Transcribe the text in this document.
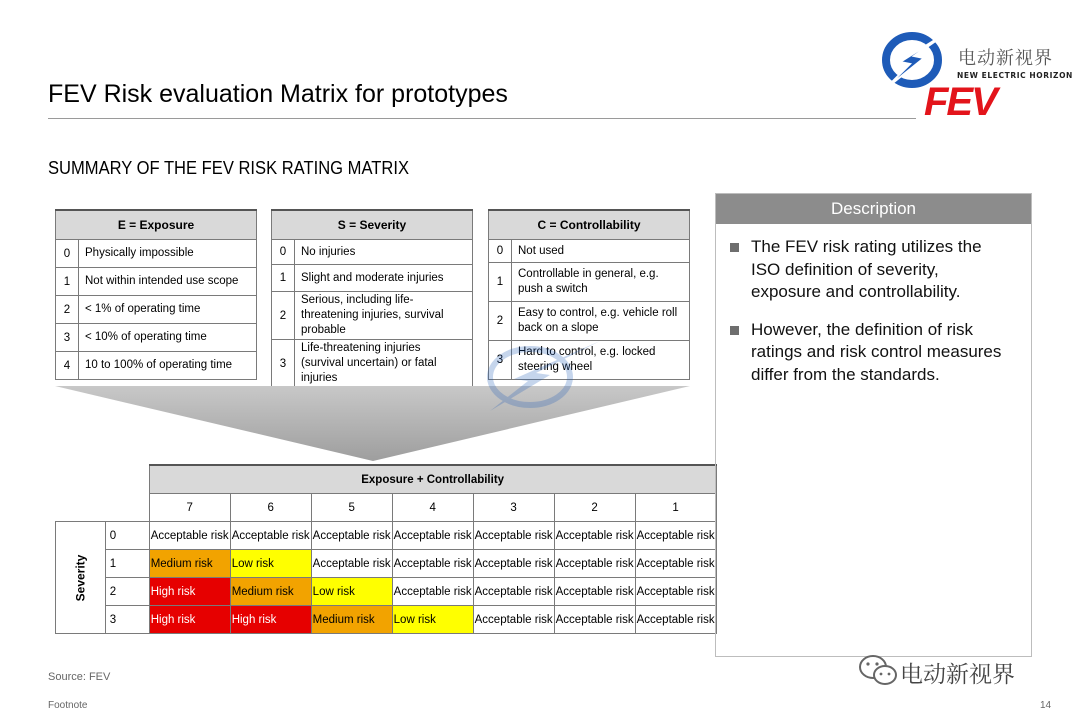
FEV Risk evaluation Matrix for prototypes
电动新视界
NEW ELECTRIC HORIZON
FEV
SUMMARY OF THE FEV RISK RATING MATRIX
E = Exposure	
0	Physically impossible
1	Not within intended use scope
2	< 1% of operating time
3	< 10% of operating time
4	10 to 100% of operating time
S = Severity	
0	No injuries
1	Slight and moderate injuries
2	Serious, including life-threatening injuries, survival probable
3	Life-threatening injuries (survival uncertain) or fatal injuries
C = Controllability	
0	Not used
1	Controllable in general, e.g. push a switch
2	Easy to control, e.g. vehicle roll back on a slope
3	Hard to control, e.g. locked steering wheel
		Exposure + Controllability						
		7	6	5	4	3	2	1
Severity	0	Acceptable risk	Acceptable risk	Acceptable risk	Acceptable risk	Acceptable risk	Acceptable risk	Acceptable risk
	1	Medium risk	Low risk	Acceptable risk	Acceptable risk	Acceptable risk	Acceptable risk	Acceptable risk
	2	High risk	Medium risk	Low risk	Acceptable risk	Acceptable risk	Acceptable risk	Acceptable risk
	3	High risk	High risk	Medium risk	Low risk	Acceptable risk	Acceptable risk	Acceptable risk
Description
The FEV risk rating utilizes the ISO definition of severity, exposure and controllability.
However, the definition of risk ratings and risk control measures differ from the standards.
Source: FEV
Footnote	14
电动新视界
